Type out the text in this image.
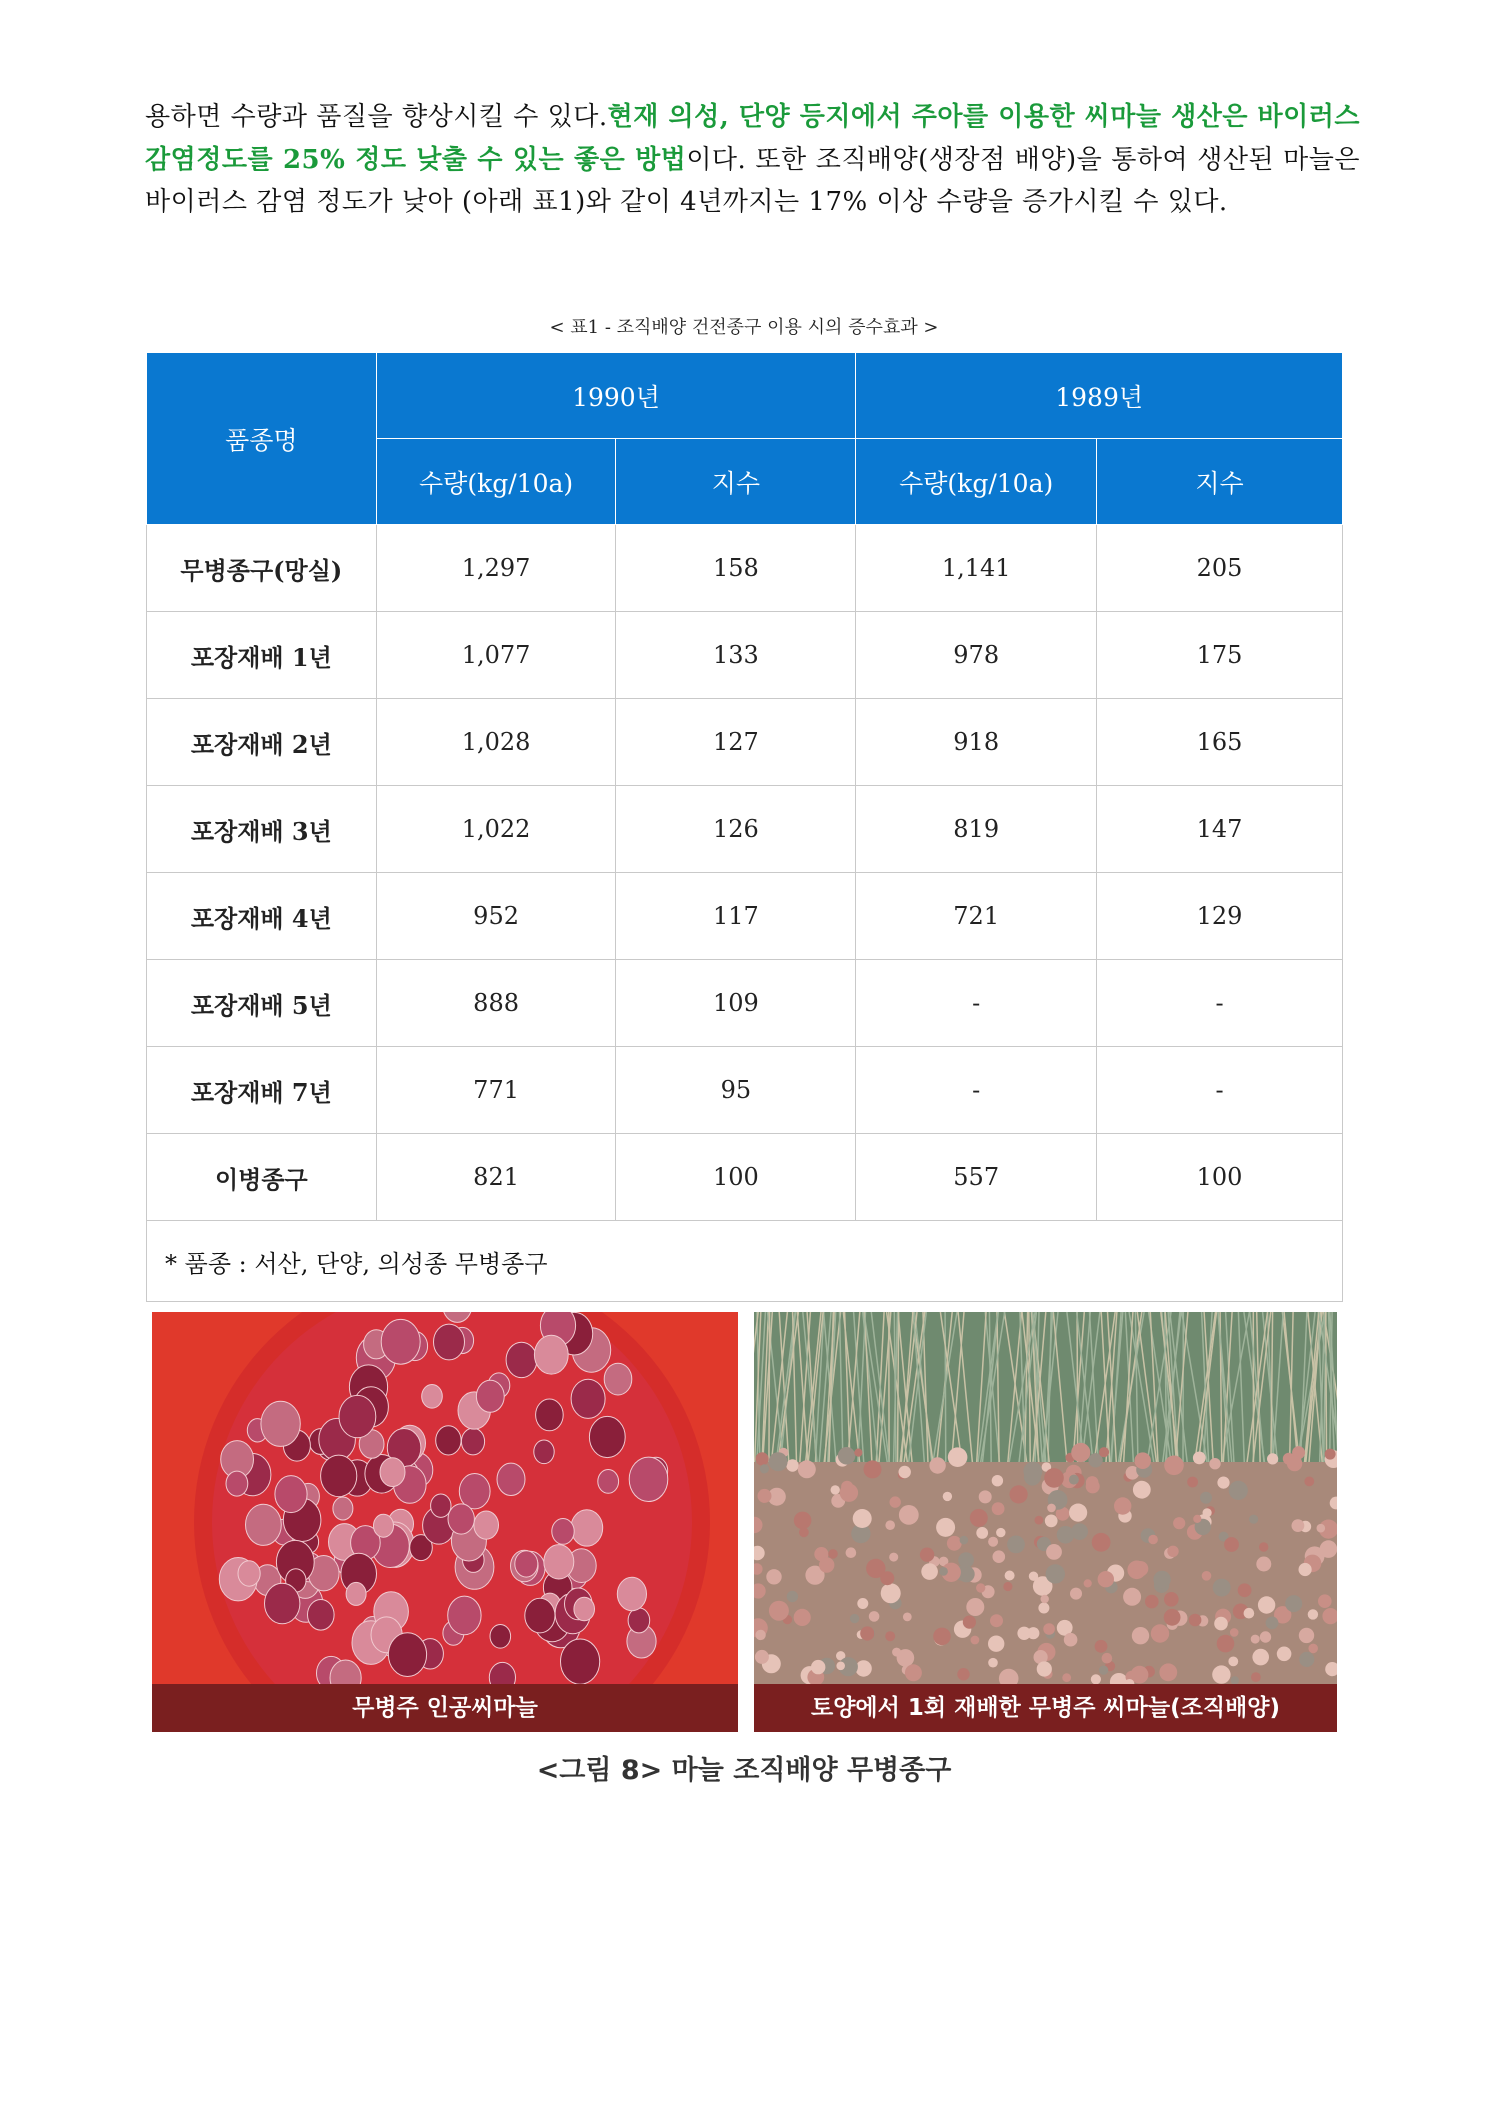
용하면 수량과 품질을 향상시킬 수 있다.현재 의성, 단양 등지에서 주아를 이용한 씨마늘 생산은 바이러스 감염정도를 25% 정도 낮출 수 있는 좋은 방법이다. 또한 조직배양(생장점 배양)을 통하여 생산된 마늘은 바이러스 감염 정도가 낮아 (아래 표1)와 같이 4년까지는 17% 이상 수량을 증가시킬 수 있다.
< 표1 - 조직배양 건전종구 이용 시의 증수효과 >
품종명	1990년		1989년	
	수량(kg/10a)	지수	수량(kg/10a)	지수
무병종구(망실)	1,297	158	1,141	205
포장재배 1년	1,077	133	978	175
포장재배 2년	1,028	127	918	165
포장재배 3년	1,022	126	819	147
포장재배 4년	952	117	721	129
포장재배 5년	888	109	-	-
포장재배 7년	771	95	-	-
이병종구	821	100	557	100
* 품종 : 서산, 단양, 의성종 무병종구				
무병주 인공씨마늘	토양에서 1회 재배한 무병주 씨마늘(조직배양)
<그림 8> 마늘 조직배양 무병종구
